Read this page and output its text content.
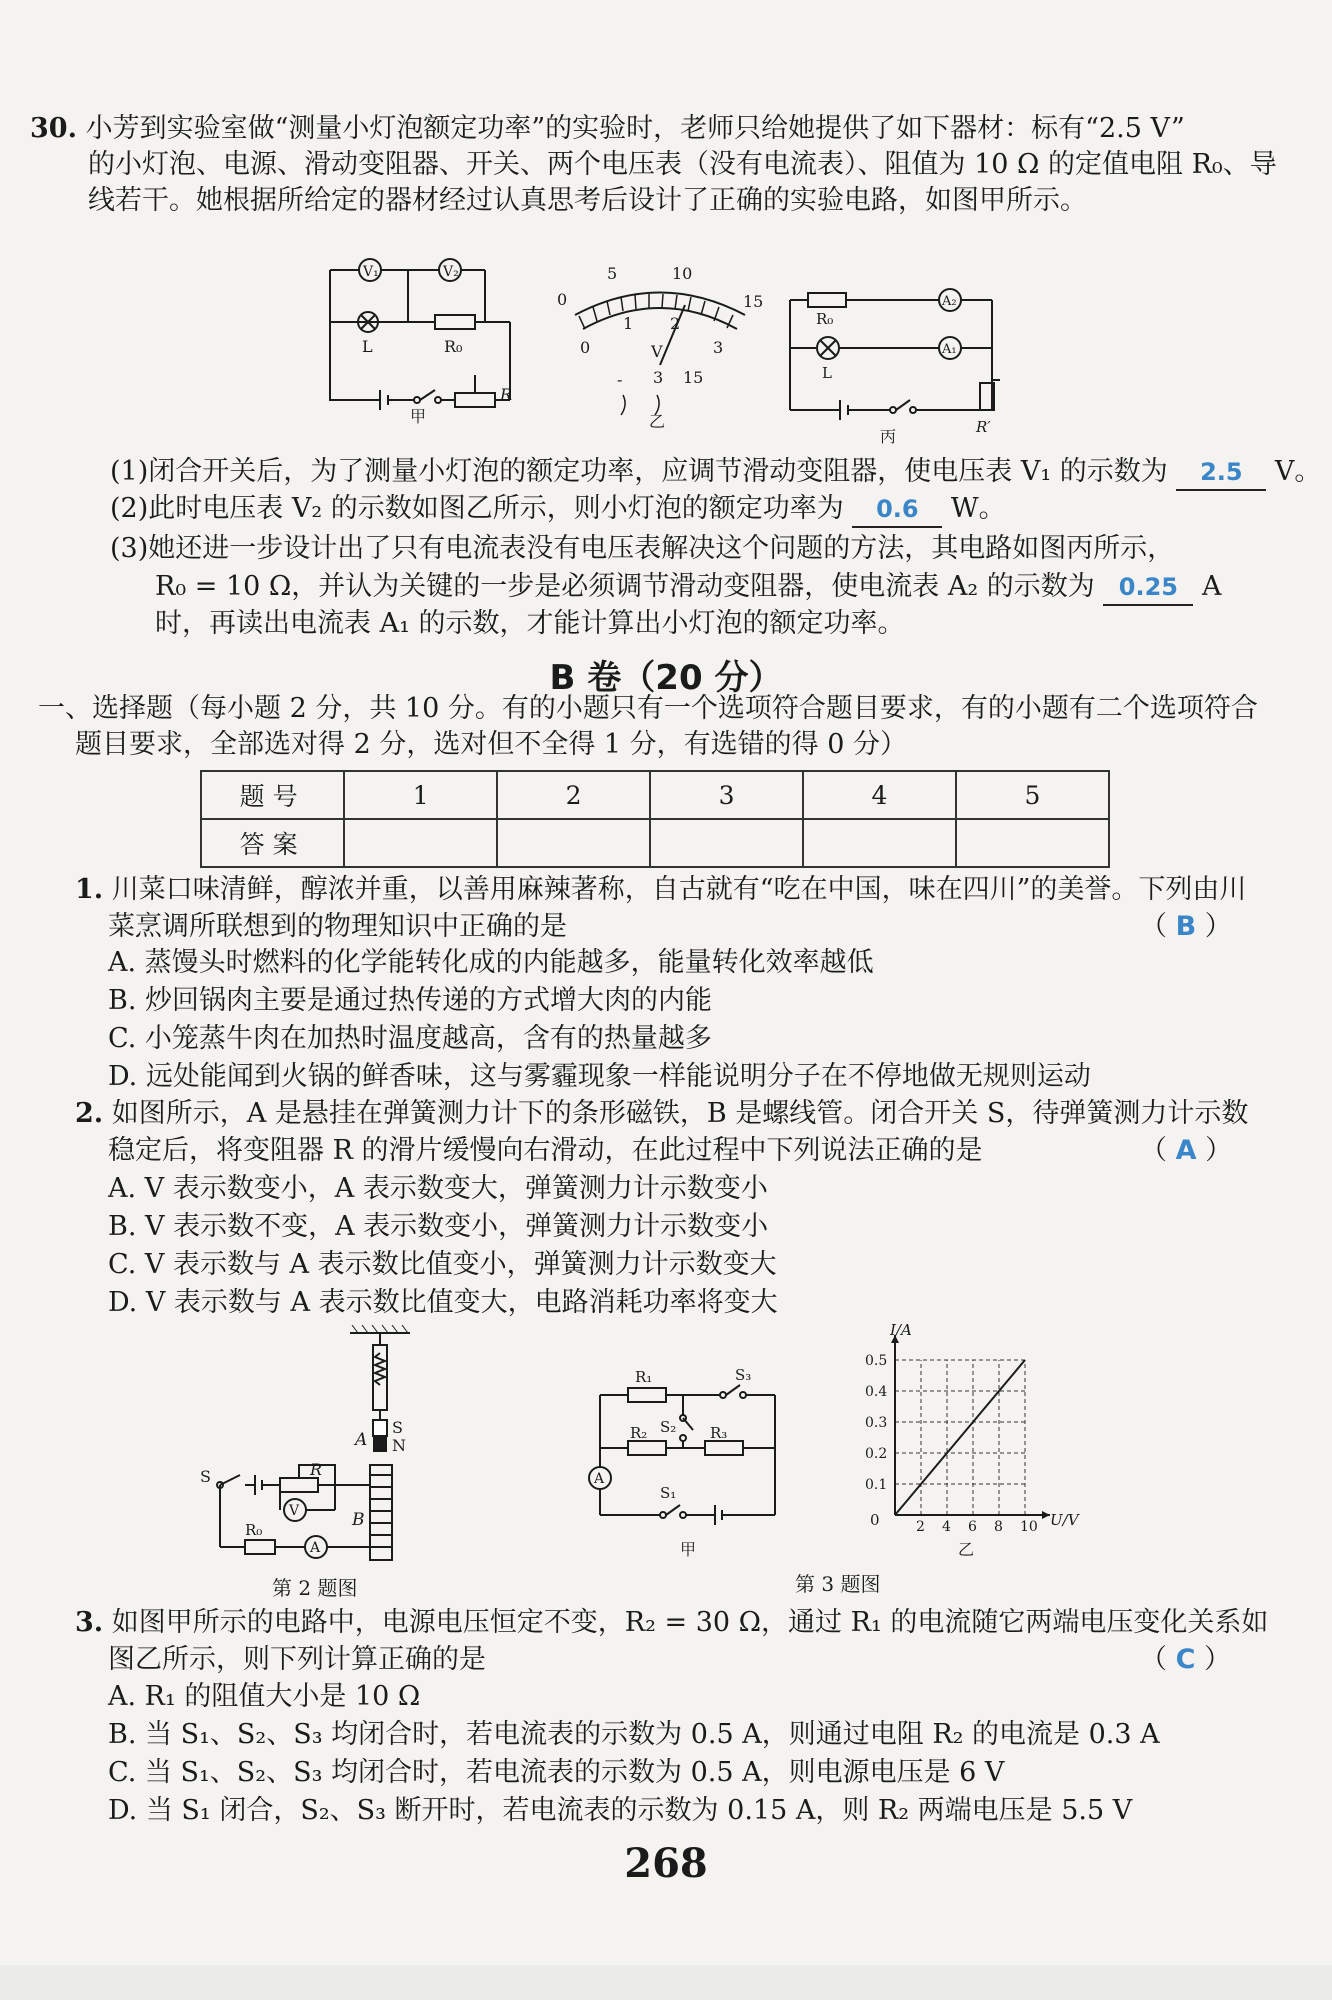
30. 小芳到实验室做“测量小灯泡额定功率”的实验时，老师只给她提供了如下器材：标有“2.5 V”
的小灯泡、电源、滑动变阻器、开关、两个电压表（没有电流表）、阻值为 10 Ω 的定值电阻 R₀、导
线若干。她根据所给定的器材经过认真思考后设计了正确的实验电路，如图甲所示。
V₁	V₂
L	R₀
R
甲
0
5	10
15
0
1 2
3
V
- 3 15
乙
R₀
A₂
A₁
L
R′
丙
(1)闭合开关后，为了测量小灯泡的额定功率，应调节滑动变阻器，使电压表 V₁ 的示数为 2.5 V。
(2)此时电压表 V₂ 的示数如图乙所示，则小灯泡的额定功率为 0.6 W。
(3)她还进一步设计出了只有电流表没有电压表解决这个问题的方法，其电路如图丙所示，
R₀ = 10 Ω，并认为关键的一步是必须调节滑动变阻器，使电流表 A₂ 的示数为 0.25 A
时，再读出电流表 A₁ 的示数，才能计算出小灯泡的额定功率。
B 卷（20 分）
一、选择题（每小题 2 分，共 10 分。有的小题只有一个选项符合题目要求，有的小题有二个选项符合
题目要求，全部选对得 2 分，选对但不全得 1 分，有选错的得 0 分）
题号	1	2	3	4	5
答案					
1. 川菜口味清鲜，醇浓并重，以善用麻辣著称，自古就有“吃在中国，味在四川”的美誉。下列由川
菜烹调所联想到的物理知识中正确的是	（ B ）
A. 蒸馒头时燃料的化学能转化成的内能越多，能量转化效率越低
B. 炒回锅肉主要是通过热传递的方式增大肉的内能
C. 小笼蒸牛肉在加热时温度越高，含有的热量越多
D. 远处能闻到火锅的鲜香味，这与雾霾现象一样能说明分子在不停地做无规则运动
2. 如图所示，A 是悬挂在弹簧测力计下的条形磁铁，B 是螺线管。闭合开关 S，待弹簧测力计示数
稳定后，将变阻器 R 的滑片缓慢向右滑动，在此过程中下列说法正确的是	（ A ）
A. V 表示数变小，A 表示数变大，弹簧测力计示数变小
B. V 表示数不变，A 表示数变小，弹簧测力计示数变小
C. V 表示数与 A 表示数比值变小，弹簧测力计示数变大
D. V 表示数与 A 表示数比值变大，电路消耗功率将变大
A
S
N
S	R
V
A
R₀	B
第 2 题图
A
R₁	S₃
R₂ S₂ R₃
S₁
甲
2 4 6 8 10
0.1
0.2
0.3
0.4
0.5
I/A
U/V
0
乙
第 3 题图
3. 如图甲所示的电路中，电源电压恒定不变，R₂ = 30 Ω，通过 R₁ 的电流随它两端电压变化关系如
图乙所示，则下列计算正确的是	（ C ）
A. R₁ 的阻值大小是 10 Ω
B. 当 S₁、S₂、S₃ 均闭合时，若电流表的示数为 0.5 A，则通过电阻 R₂ 的电流是 0.3 A
C. 当 S₁、S₂、S₃ 均闭合时，若电流表的示数为 0.5 A，则电源电压是 6 V
D. 当 S₁ 闭合，S₂、S₃ 断开时，若电流表的示数为 0.15 A，则 R₂ 两端电压是 5.5 V
268
